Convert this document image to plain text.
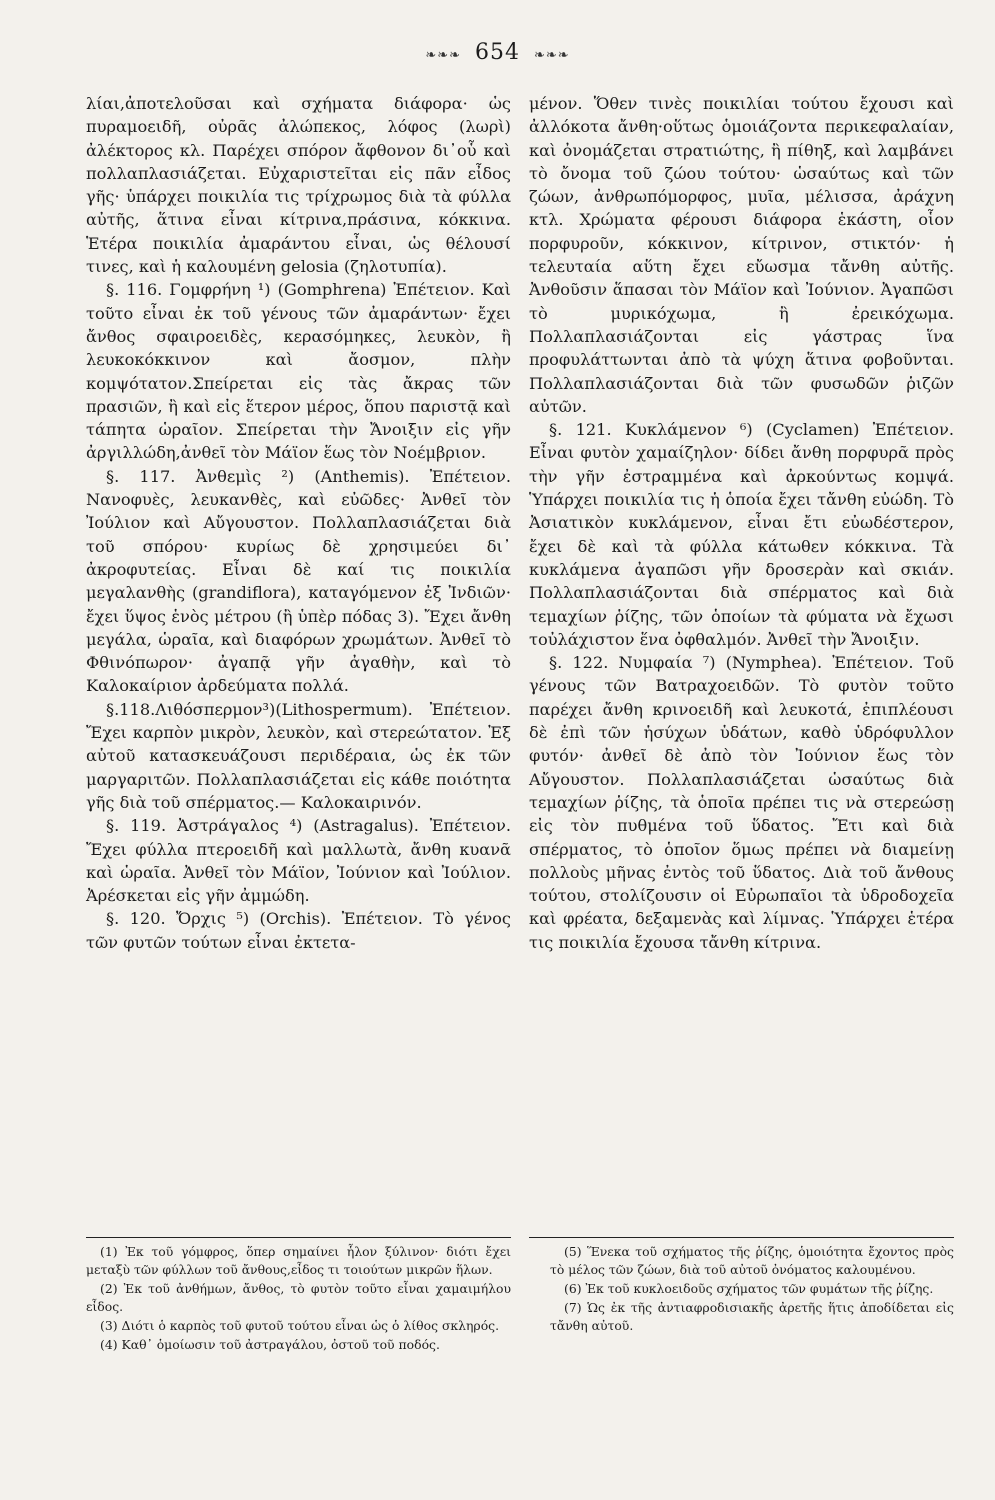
❧❧❧ 654 ❧❧❧

λίαι,ἀποτελοῦσαι καὶ σχήματα διάφορα· ὡς πυραμοειδῆ, οὐρᾶς ἀλώπεκος, λόφος (λωρὶ) ἀλέκτορος κλ. Παρέχει σπόρον ἄφθονον δι᾽οὗ καὶ πολλαπλασιάζεται. Εὐχαριστεῖται εἰς πᾶν εἶδος γῆς· ὑπάρχει ποικιλία τις τρίχρωμος διὰ τὰ φύλλα αὐτῆς, ἅτινα εἶναι κίτρινα,πράσινα, κόκκινα. Ἑτέρα ποικιλία ἀμαράντου εἶναι, ὡς θέλουσί τινες, καὶ ἡ καλουμένη gelosia (ζηλοτυπία).

§. 116. Γομφρήνη ¹) (Gomphrena) Ἐπέτειον. Καὶ τοῦτο εἶναι ἐκ τοῦ γένους τῶν ἀμαράντων· ἔχει ἄνθος σφαιροειδὲς, κερασόμηκες, λευκὸν, ἢ λευκοκόκκινον καὶ ἄοσμον, πλὴν κομψότατον.Σπείρεται εἰς τὰς ἄκρας τῶν πρασιῶν, ἢ καὶ εἰς ἕτερον μέρος, ὅπου παριστᾷ καὶ τάπητα ὡραῖον. Σπείρεται τὴν Ἄνοιξιν εἰς γῆν ἀργιλλώδη,ἀνθεῖ τὸν Μάϊον ἕως τὸν Νοέμβριον.

§. 117. Ἀνθεμὶς ²) (Anthemis). Ἐπέτειον. Νανοφυὲς, λευκανθὲς, καὶ εὐῶδες· Ἀνθεῖ τὸν Ἰούλιον καὶ Αὔγουστον. Πολλαπλασιάζεται διὰ τοῦ σπόρου· κυρίως δὲ χρησιμεύει δι᾽ ἀκροφυτείας. Εἶναι δὲ καί τις ποικιλία μεγαλανθὴς (grandiflora), καταγόμενον ἐξ Ἰνδιῶν· ἔχει ὕψος ἑνὸς μέτρου (ἢ ὑπὲρ πόδας 3). Ἔχει ἄνθη μεγάλα, ὡραῖα, καὶ διαφόρων χρωμάτων. Ἀνθεῖ τὸ Φθινόπωρον· ἀγαπᾷ γῆν ἀγαθὴν, καὶ τὸ Καλοκαίριον ἀρδεύματα πολλά.

§.118.Λιθόσπερμον³)(Lithospermum). Ἐπέτειον. Ἔχει καρπὸν μικρὸν, λευκὸν, καὶ στερεώτατον. Ἐξ αὐτοῦ κατασκευάζουσι περιδέραια, ὡς ἐκ τῶν μαργαριτῶν. Πολλαπλασιάζεται εἰς κάθε ποιότητα γῆς διὰ τοῦ σπέρματος.— Καλοκαιρινόν.

§. 119. Ἀστράγαλος ⁴) (Astragalus). Ἐπέτειον. Ἔχει φύλλα πτεροειδῆ καὶ μαλλωτὰ, ἄνθη κυανᾶ καὶ ὡραῖα. Ἀνθεῖ τὸν Μάϊον, Ἰούνιον καὶ Ἰούλιον. Ἀρέσκεται εἰς γῆν ἀμμώδη.

§. 120. Ὄρχις ⁵) (Orchis). Ἐπέτειον. Τὸ γένος τῶν φυτῶν τούτων εἶναι ἐκτετα-

μένον. Ὅθεν τινὲς ποικιλίαι τούτου ἔχουσι καὶ ἀλλόκοτα ἄνθη·οὕτως ὁμοιάζοντα περικεφαλαίαν, καὶ ὀνομάζεται στρατιώτης, ἢ πίθηξ, καὶ λαμβάνει τὸ ὄνομα τοῦ ζώου τούτου· ὡσαύτως καὶ τῶν ζώων, ἀνθρωπόμορφος, μυῖα, μέλισσα, ἀράχνη κτλ. Χρώματα φέρουσι διάφορα ἑκάστη, οἷον πορφυροῦν, κόκκινον, κίτρινον, στικτόν· ἡ τελευταία αὕτη ἔχει εὔωσμα τἄνθη αὐτῆς. Ἀνθοῦσιν ἅπασαι τὸν Μάϊον καὶ Ἰούνιον. Ἀγαπῶσι τὸ μυρικόχωμα, ἢ ἐρεικόχωμα. Πολλαπλασιάζονται εἰς γάστρας ἵνα προφυλάττωνται ἀπὸ τὰ ψύχη ἅτινα φοβοῦνται. Πολλαπλασιάζονται διὰ τῶν φυσωδῶν ῥιζῶν αὐτῶν.

§. 121. Κυκλάμενον ⁶) (Cyclamen) Ἐπέτειον. Εἶναι φυτὸν χαμαίζηλον· δίδει ἄνθη πορφυρᾶ πρὸς τὴν γῆν ἐστραμμένα καὶ ἀρκούντως κομψά. Ὑπάρχει ποικιλία τις ἡ ὁποία ἔχει τἄνθη εὐώδη. Τὸ Ἀσιατικὸν κυκλάμενον, εἶναι ἔτι εὐωδέστερον, ἔχει δὲ καὶ τὰ φύλλα κάτωθεν κόκκινα. Τὰ κυκλάμενα ἀγαπῶσι γῆν δροσερὰν καὶ σκιάν. Πολλαπλασιάζονται διὰ σπέρματος καὶ διὰ τεμαχίων ῥίζης, τῶν ὁποίων τὰ φύματα νὰ ἔχωσι τοὐλάχιστον ἕνα ὀφθαλμόν. Ἀνθεῖ τὴν Ἄνοιξιν.

§. 122. Νυμφαία ⁷) (Nymphea). Ἐπέτειον. Τοῦ γένους τῶν Βατραχοειδῶν. Τὸ φυτὸν τοῦτο παρέχει ἄνθη κρινοειδῆ καὶ λευκοτά, ἐπιπλέουσι δὲ ἐπὶ τῶν ἡσύχων ὑδάτων, καθὸ ὑδρόφυλλον φυτόν· ἀνθεῖ δὲ ἀπὸ τὸν Ἰούνιον ἕως τὸν Αὔγουστον. Πολλαπλασιάζεται ὡσαύτως διὰ τεμαχίων ῥίζης, τὰ ὁποῖα πρέπει τις νὰ στερεώσῃ εἰς τὸν πυθμένα τοῦ ὕδατος. Ἔτι καὶ διὰ σπέρματος, τὸ ὁποῖον ὅμως πρέπει νὰ διαμείνῃ πολλοὺς μῆνας ἐντὸς τοῦ ὕδατος. Διὰ τοῦ ἄνθους τούτου, στολίζουσιν οἱ Εὐρωπαῖοι τὰ ὑδροδοχεῖα καὶ φρέατα, δεξαμενὰς καὶ λίμνας. Ὑπάρχει ἑτέρα τις ποικιλία ἔχουσα τἄνθη κίτρινα.

(1) Ἐκ τοῦ γόμφρος, ὅπερ σημαίνει ἧλον ξύλινον· διότι ἔχει μεταξὺ τῶν φύλλων τοῦ ἄνθους,εἶδος τι τοιούτων μικρῶν ἥλων.

(2) Ἐκ τοῦ ἀνθήμων, ἄνθος, τὸ φυτὸν τοῦτο εἶναι χαμαιμήλου εἶδος.

(3) Διότι ὁ καρπὸς τοῦ φυτοῦ τούτου εἶναι ὡς ὁ λίθος σκληρός.

(4) Καθ᾽ ὁμοίωσιν τοῦ ἀστραγάλου, ὀστοῦ τοῦ ποδός.

(5) Ἕνεκα τοῦ σχήματος τῆς ῥίζης, ὁμοιότητα ἔχοντος πρὸς τὸ μέλος τῶν ζώων, διὰ τοῦ αὐτοῦ ὀνόματος καλουμένου.

(6) Ἐκ τοῦ κυκλοειδοῦς σχήματος τῶν φυμάτων τῆς ῥίζης.

(7) Ὡς ἐκ τῆς ἀντιαφροδισιακῆς ἀρετῆς ἥτις ἀποδίδεται εἰς τἄνθη αὐτοῦ.
